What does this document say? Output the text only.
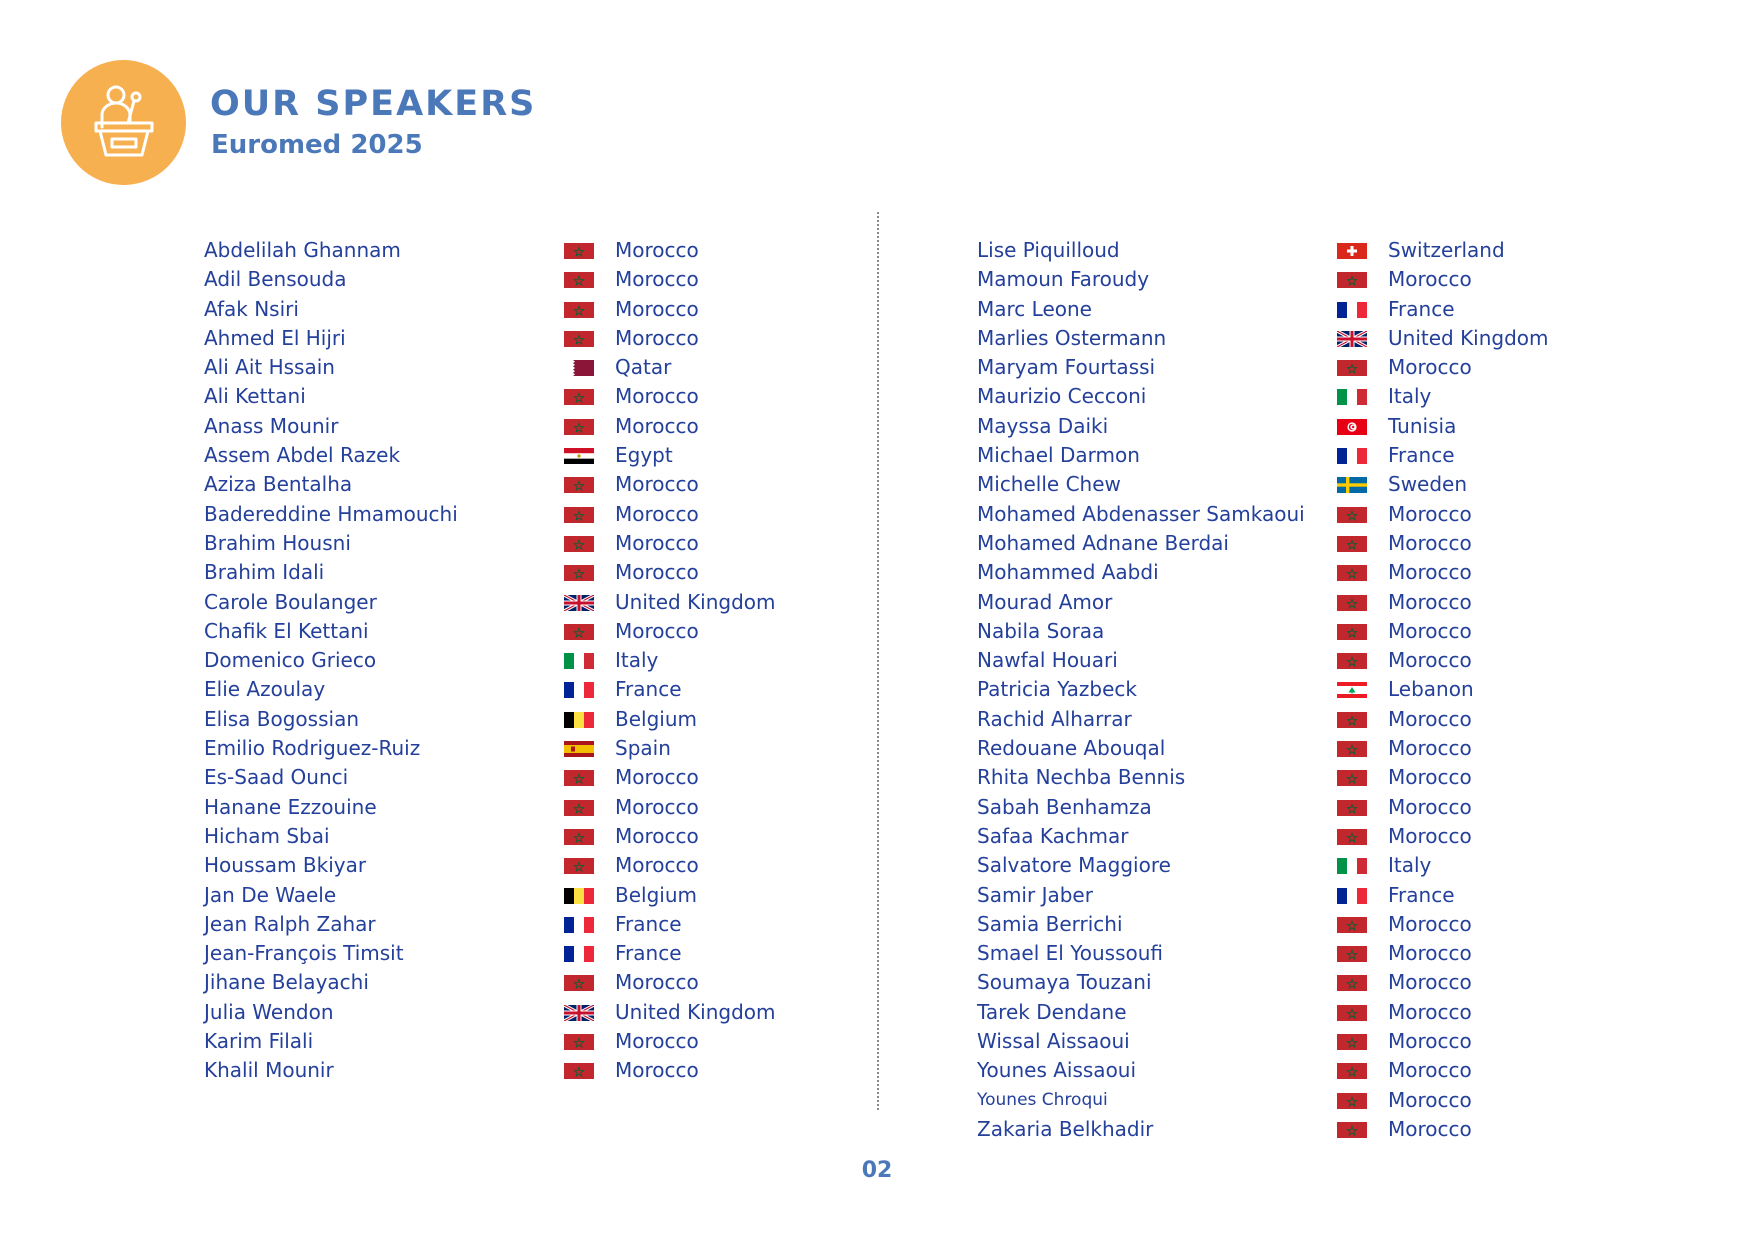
OUR SPEAKERS
Euromed 2025
Abdelilah Ghannam	Morocco
Adil Bensouda	Morocco
Afak Nsiri	Morocco
Ahmed El Hijri	Morocco
Ali Ait Hssain	Qatar
Ali Kettani	Morocco
Anass Mounir	Morocco
Assem Abdel Razek	Egypt
Aziza Bentalha	Morocco
Badereddine Hmamouchi	Morocco
Brahim Housni	Morocco
Brahim Idali	Morocco
Carole Boulanger	United Kingdom
Chafik El Kettani	Morocco
Domenico Grieco	Italy
Elie Azoulay	France
Elisa Bogossian	Belgium
Emilio Rodriguez-Ruiz	Spain
Es-Saad Ounci	Morocco
Hanane Ezzouine	Morocco
Hicham Sbai	Morocco
Houssam Bkiyar	Morocco
Jan De Waele	Belgium
Jean Ralph Zahar	France
Jean-François Timsit	France
Jihane Belayachi	Morocco
Julia Wendon	United Kingdom
Karim Filali	Morocco
Khalil Mounir	Morocco
Lise Piquilloud	Switzerland
Mamoun Faroudy	Morocco
Marc Leone	France
Marlies Ostermann	United Kingdom
Maryam Fourtassi	Morocco
Maurizio Cecconi	Italy
Mayssa Daiki	Tunisia
Michael Darmon	France
Michelle Chew	Sweden
Mohamed Abdenasser Samkaoui	Morocco
Mohamed Adnane Berdai	Morocco
Mohammed Aabdi	Morocco
Mourad Amor	Morocco
Nabila Soraa	Morocco
Nawfal Houari	Morocco
Patricia Yazbeck	Lebanon
Rachid Alharrar	Morocco
Redouane Abouqal	Morocco
Rhita Nechba Bennis	Morocco
Sabah Benhamza	Morocco
Safaa Kachmar	Morocco
Salvatore Maggiore	Italy
Samir Jaber	France
Samia Berrichi	Morocco
Smael El Youssoufi	Morocco
Soumaya Touzani	Morocco
Tarek Dendane	Morocco
Wissal Aissaoui	Morocco
Younes Aissaoui	Morocco
Younes Chroqui	Morocco
Zakaria Belkhadir	Morocco
02
